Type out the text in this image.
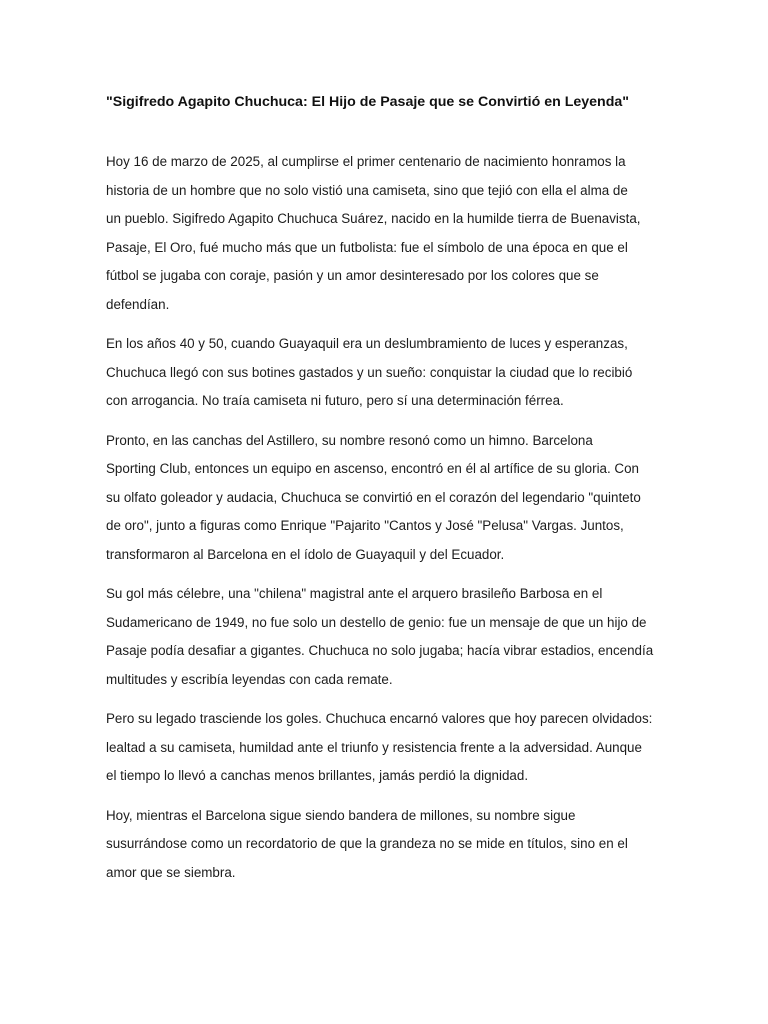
"Sigifredo Agapito Chuchuca: El Hijo de Pasaje que se Convirtió en Leyenda"

Hoy 16 de marzo de 2025, al cumplirse el primer centenario de nacimiento honramos la
historia de un hombre que no solo vistió una camiseta, sino que tejió con ella el alma de
un pueblo. Sigifredo Agapito Chuchuca Suárez, nacido en la humilde tierra de Buenavista,
Pasaje, El Oro, fué mucho más que un futbolista: fue el símbolo de una época en que el
fútbol se jugaba con coraje, pasión y un amor desinteresado por los colores que se
defendían.

En los años 40 y 50, cuando Guayaquil era un deslumbramiento de luces y esperanzas,
Chuchuca llegó con sus botines gastados y un sueño: conquistar la ciudad que lo recibió
con arrogancia. No traía camiseta ni futuro, pero sí una determinación férrea.

Pronto, en las canchas del Astillero, su nombre resonó como un himno. Barcelona
Sporting Club, entonces un equipo en ascenso, encontró en él al artífice de su gloria. Con
su olfato goleador y audacia, Chuchuca se convirtió en el corazón del legendario "quinteto
de oro", junto a figuras como Enrique "Pajarito "Cantos y José "Pelusa" Vargas. Juntos,
transformaron al Barcelona en el ídolo de Guayaquil y del Ecuador.

Su gol más célebre, una "chilena" magistral ante el arquero brasileño Barbosa en el
Sudamericano de 1949, no fue solo un destello de genio: fue un mensaje de que un hijo de
Pasaje podía desafiar a gigantes. Chuchuca no solo jugaba; hacía vibrar estadios, encendía
multitudes y escribía leyendas con cada remate.

Pero su legado trasciende los goles. Chuchuca encarnó valores que hoy parecen olvidados:
lealtad a su camiseta, humildad ante el triunfo y resistencia frente a la adversidad. Aunque
el tiempo lo llevó a canchas menos brillantes, jamás perdió la dignidad.

Hoy, mientras el Barcelona sigue siendo bandera de millones, su nombre sigue
susurrándose como un recordatorio de que la grandeza no se mide en títulos, sino en el
amor que se siembra.
